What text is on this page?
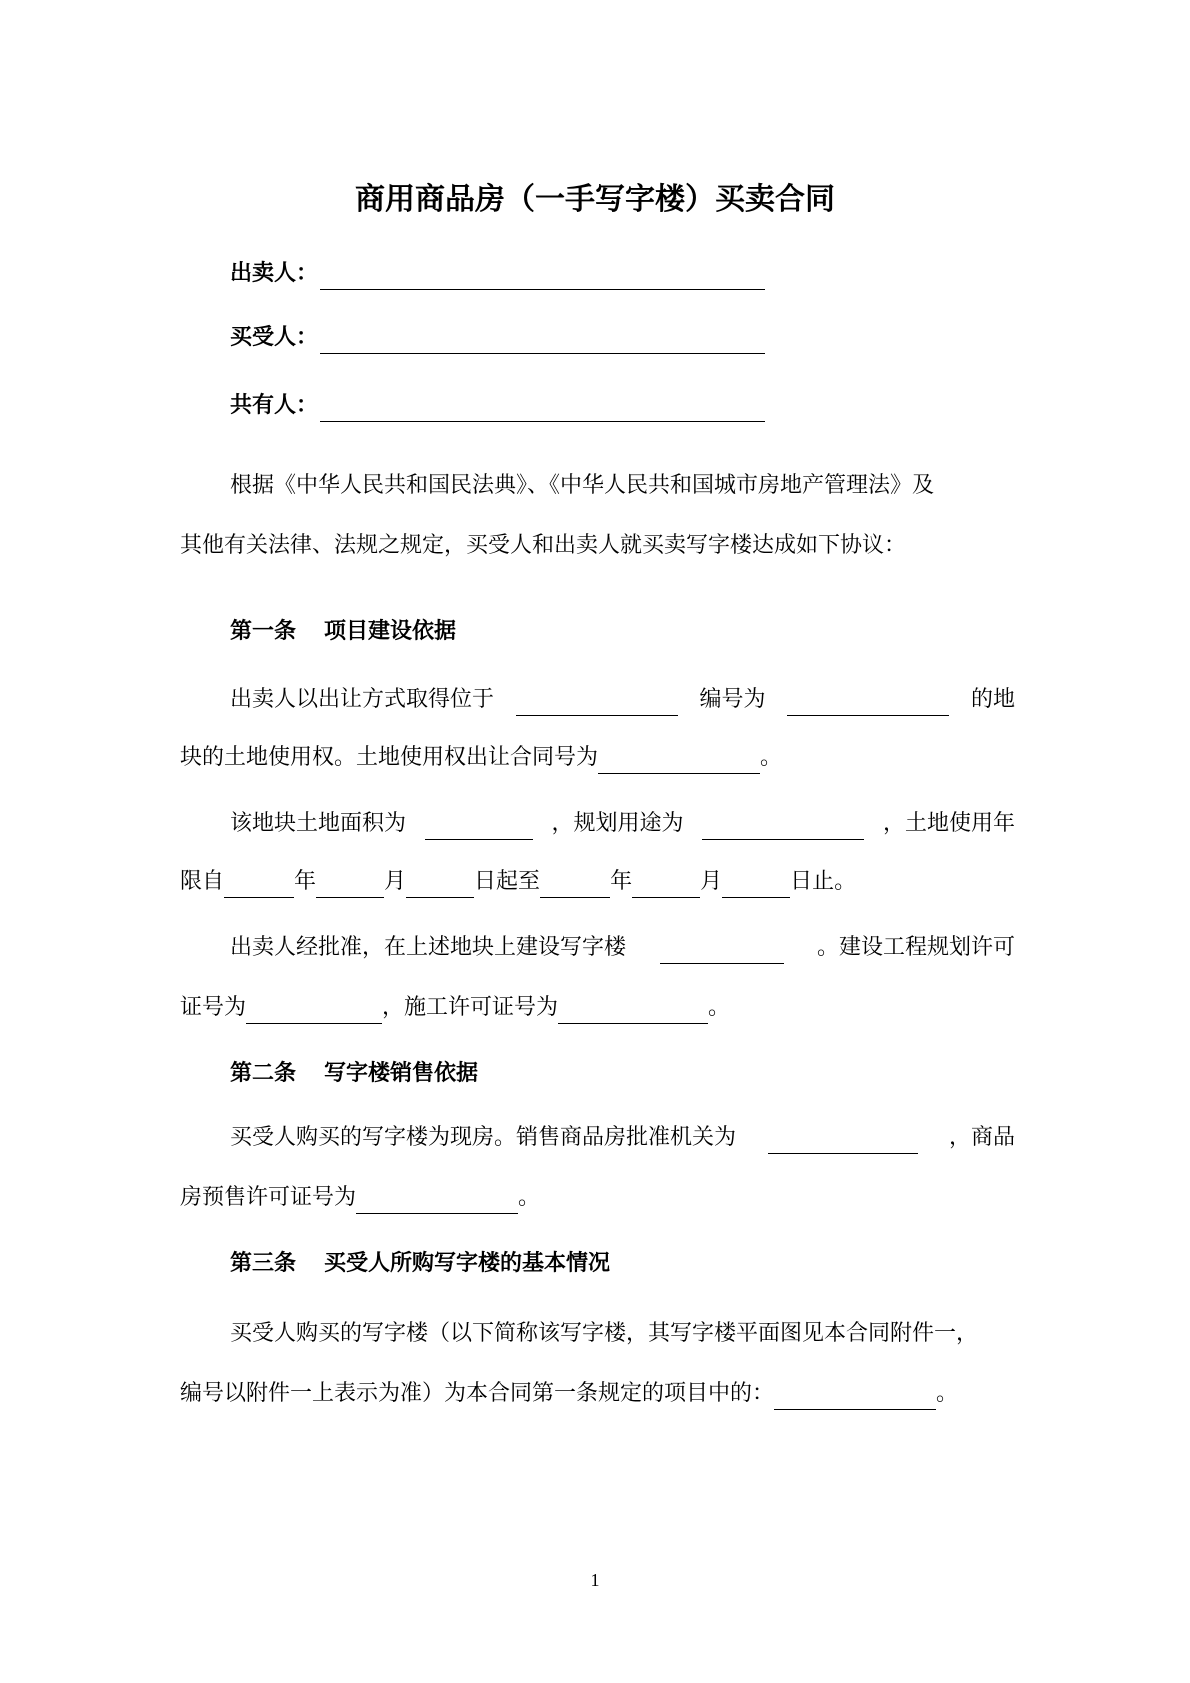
商用商品房（一手写字楼）买卖合同
出卖人：
买受人：
共有人：
根据《中华人民共和国民法典》、《中华人民共和国城市房地产管理法》及
其他有关法律、法规之规定，买受人和出卖人就买卖写字楼达成如下协议：
第一条 项目建设依据
出卖人以出让方式取得位于	编号为	的地
块的土地使用权。土地使用权出让合同号为	。
该地块土地面积为	，规划用途为	，土地使用年
限自	年	月	日起至	年	月	日止。
出卖人经批准，在上述地块上建设写字楼	。建设工程规划许可
证号为	，施工许可证号为	。
第二条 写字楼销售依据
买受人购买的写字楼为现房。销售商品房批准机关为	，商品
房预售许可证号为	。
第三条 买受人所购写字楼的基本情况
买受人购买的写字楼（以下简称该写字楼，其写字楼平面图见本合同附件一，
编号以附件一上表示为准）为本合同第一条规定的项目中的：	。
1
